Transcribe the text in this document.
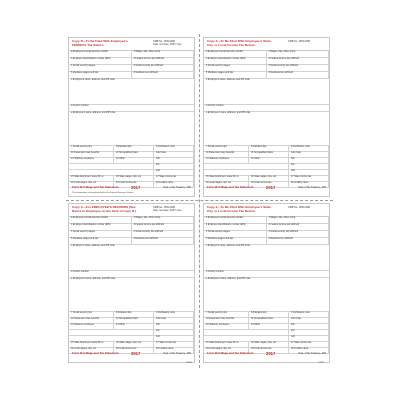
Copy B—To Be Filed With Employee's
FEDERAL Tax Return.
OMB No. 1545-0008
Safe, accurate, FAST! Use
a Employee's social security number	1 Wages, tips, other comp.
b Employer identification number (EIN)	2 Federal income tax withheld
3 Social security wages	4 Social security tax withheld
5 Medicare wages and tips	6 Medicare tax withheld
c Employer's name, address, and ZIP code
d Control number
e Employee's name, address, and ZIP code
7 Social security tips	8 Allocated tips	9 Verification code
10 Dependent care benefits	11 Nonqualified plans	12a Code
13 Statutory employee	14 Other	12b
12c
12d
15 State Employer's state ID no.	16 State wages, tips, etc.	17 State income tax
18 Local wages, tips, etc.	19 Local income tax	20 Locality name
Form W-2 Wage and Tax Statement	2017	Dept. of the Treasury—IRS
This information is being furnished to the Internal Revenue Service.
Copy 2—To Be Filed With Employee's State,
City, or Local Income Tax Return.
OMB No. 1545-0008
a Employee's social security number	1 Wages, tips, other comp.
b Employer identification number (EIN)	2 Federal income tax withheld
3 Social security wages	4 Social security tax withheld
5 Medicare wages and tips	6 Medicare tax withheld
c Employer's name, address, and ZIP code
d Control number
e Employee's name, address, and ZIP code
7 Social security tips	8 Allocated tips	9 Verification code
10 Dependent care benefits	11 Nonqualified plans	12a Code
13 Statutory employee	14 Other	12b
12c
12d
15 State Employer's state ID no.	16 State wages, tips, etc.	17 State income tax
18 Local wages, tips, etc.	19 Local income tax	20 Locality name
Form W-2 Wage and Tax Statement	2017	Dept. of the Treasury—IRS
Copy C—For EMPLOYEE'S RECORDS (See
Notice to Employee on the back of Copy B.)
OMB No. 1545-0008
Safe, accurate, FAST! Use
a Employee's social security number	1 Wages, tips, other comp.
b Employer identification number (EIN)	2 Federal income tax withheld
3 Social security wages	4 Social security tax withheld
5 Medicare wages and tips	6 Medicare tax withheld
c Employer's name, address, and ZIP code
d Control number
e Employee's name, address, and ZIP code
7 Social security tips	8 Allocated tips	9 Verification code
10 Dependent care benefits	11 Nonqualified plans	12a Code
13 Statutory employee	14 Other	12b
12c
12d
15 State Employer's state ID no.	16 State wages, tips, etc.	17 State income tax
18 Local wages, tips, etc.	19 Local income tax	20 Locality name
Form W-2 Wage and Tax Statement	2017	Dept. of the Treasury—IRS
Copy 2—To Be Filed With Employee's State,
City, or Local Income Tax Return.
OMB No. 1545-0008
a Employee's social security number	1 Wages, tips, other comp.
b Employer identification number (EIN)	2 Federal income tax withheld
3 Social security wages	4 Social security tax withheld
5 Medicare wages and tips	6 Medicare tax withheld
c Employer's name, address, and ZIP code
d Control number
e Employee's name, address, and ZIP code
7 Social security tips	8 Allocated tips	9 Verification code
10 Dependent care benefits	11 Nonqualified plans	12a Code
13 Statutory employee	14 Other	12b
12c
12d
15 State Employer's state ID no.	16 State wages, tips, etc.	17 State income tax
18 Local wages, tips, etc.	19 Local income tax	20 Locality name
Form W-2 Wage and Tax Statement	2017	Dept. of the Treasury—IRS
LW2B	L2W2
